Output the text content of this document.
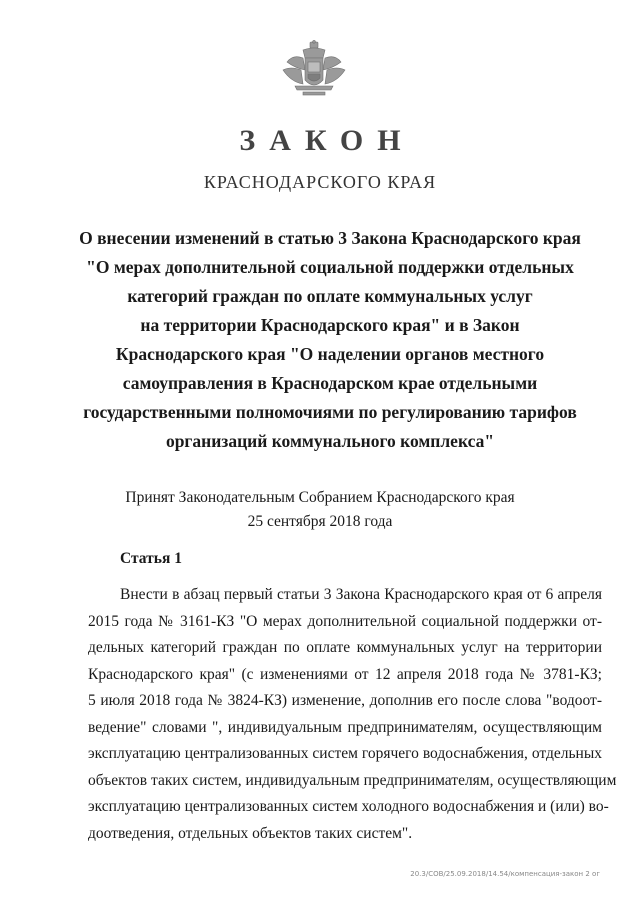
ЗАКОН
КРАСНОДАРСКОГО КРАЯ
О внесении изменений в статью 3 Закона Краснодарского края
"О мерах дополнительной социальной поддержки отдельных
категорий граждан по оплате коммунальных услуг
на территории Краснодарского края" и в Закон
Краснодарского края "О наделении органов местного
самоуправления в Краснодарском крае отдельными
государственными полномочиями по регулированию тарифов
организаций коммунального комплекса"
Принят Законодательным Собранием Краснодарского края
25 сентября 2018 года
Статья 1
Внести в абзац первый статьи 3 Закона Краснодарского края от 6 апреля
2015 года № 3161-КЗ "О мерах дополнительной социальной поддержки от-
дельных категорий граждан по оплате коммунальных услуг на территории
Краснодарского края" (с изменениями от 12 апреля 2018 года № 3781-КЗ;
5 июля 2018 года № 3824-КЗ) изменение, дополнив его после слова "водоот-
ведение" словами ", индивидуальным предпринимателям, осуществляющим
эксплуатацию централизованных систем горячего водоснабжения, отдельных
объектов таких систем, индивидуальным предпринимателям, осуществляющим
эксплуатацию централизованных систем холодного водоснабжения и (или) во-
доотведения, отдельных объектов таких систем".
20.3/СОВ/25.09.2018/14.54/компенсация-закон 2 ог
